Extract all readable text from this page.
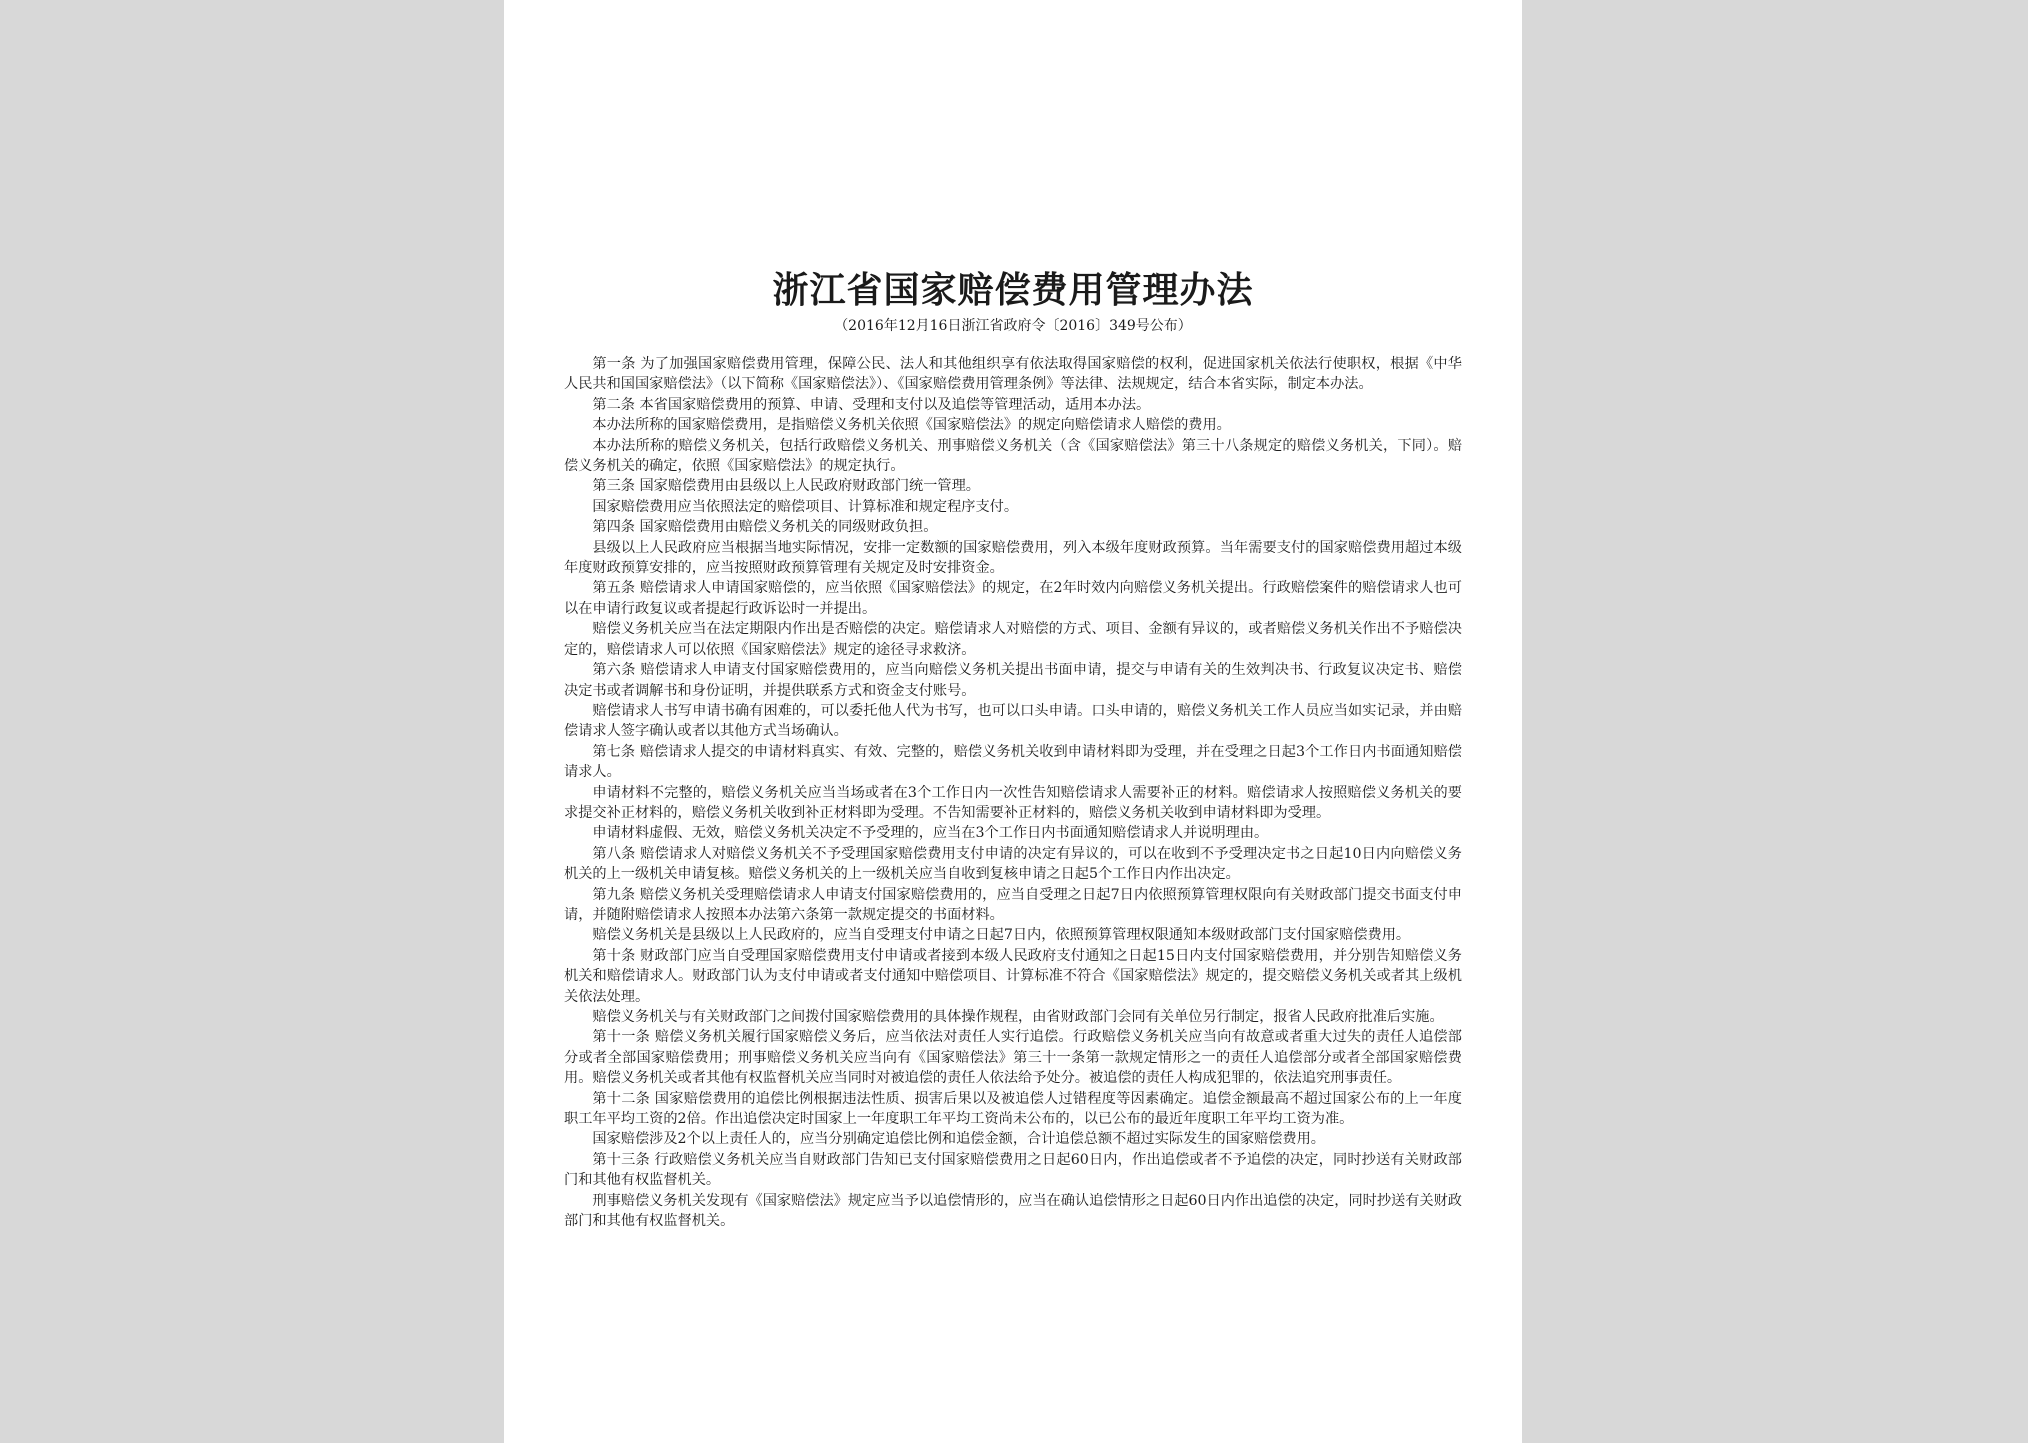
浙江省国家赔偿费用管理办法
（2016年12月16日浙江省政府令〔2016〕349号公布）

第一条 为了加强国家赔偿费用管理，保障公民、法人和其他组织享有依法取得国家赔偿的权利，促进国家机关依法行使职权，根据《中华人民共和国国家赔偿法》（以下简称《国家赔偿法》）、《国家赔偿费用管理条例》等法律、法规规定，结合本省实际，制定本办法。

第二条 本省国家赔偿费用的预算、申请、受理和支付以及追偿等管理活动，适用本办法。

本办法所称的国家赔偿费用，是指赔偿义务机关依照《国家赔偿法》的规定向赔偿请求人赔偿的费用。

本办法所称的赔偿义务机关，包括行政赔偿义务机关、刑事赔偿义务机关（含《国家赔偿法》第三十八条规定的赔偿义务机关，下同）。赔偿义务机关的确定，依照《国家赔偿法》的规定执行。

第三条 国家赔偿费用由县级以上人民政府财政部门统一管理。

国家赔偿费用应当依照法定的赔偿项目、计算标准和规定程序支付。

第四条 国家赔偿费用由赔偿义务机关的同级财政负担。

县级以上人民政府应当根据当地实际情况，安排一定数额的国家赔偿费用，列入本级年度财政预算。当年需要支付的国家赔偿费用超过本级年度财政预算安排的，应当按照财政预算管理有关规定及时安排资金。

第五条 赔偿请求人申请国家赔偿的，应当依照《国家赔偿法》的规定，在2年时效内向赔偿义务机关提出。行政赔偿案件的赔偿请求人也可以在申请行政复议或者提起行政诉讼时一并提出。

赔偿义务机关应当在法定期限内作出是否赔偿的决定。赔偿请求人对赔偿的方式、项目、金额有异议的，或者赔偿义务机关作出不予赔偿决定的，赔偿请求人可以依照《国家赔偿法》规定的途径寻求救济。

第六条 赔偿请求人申请支付国家赔偿费用的，应当向赔偿义务机关提出书面申请，提交与申请有关的生效判决书、行政复议决定书、赔偿决定书或者调解书和身份证明，并提供联系方式和资金支付账号。

赔偿请求人书写申请书确有困难的，可以委托他人代为书写，也可以口头申请。口头申请的，赔偿义务机关工作人员应当如实记录，并由赔偿请求人签字确认或者以其他方式当场确认。

第七条 赔偿请求人提交的申请材料真实、有效、完整的，赔偿义务机关收到申请材料即为受理，并在受理之日起3个工作日内书面通知赔偿请求人。

申请材料不完整的，赔偿义务机关应当当场或者在3个工作日内一次性告知赔偿请求人需要补正的材料。赔偿请求人按照赔偿义务机关的要求提交补正材料的，赔偿义务机关收到补正材料即为受理。不告知需要补正材料的，赔偿义务机关收到申请材料即为受理。

申请材料虚假、无效，赔偿义务机关决定不予受理的，应当在3个工作日内书面通知赔偿请求人并说明理由。

第八条 赔偿请求人对赔偿义务机关不予受理国家赔偿费用支付申请的决定有异议的，可以在收到不予受理决定书之日起10日内向赔偿义务机关的上一级机关申请复核。赔偿义务机关的上一级机关应当自收到复核申请之日起5个工作日内作出决定。

第九条 赔偿义务机关受理赔偿请求人申请支付国家赔偿费用的，应当自受理之日起7日内依照预算管理权限向有关财政部门提交书面支付申请，并随附赔偿请求人按照本办法第六条第一款规定提交的书面材料。

赔偿义务机关是县级以上人民政府的，应当自受理支付申请之日起7日内，依照预算管理权限通知本级财政部门支付国家赔偿费用。

第十条 财政部门应当自受理国家赔偿费用支付申请或者接到本级人民政府支付通知之日起15日内支付国家赔偿费用，并分别告知赔偿义务机关和赔偿请求人。财政部门认为支付申请或者支付通知中赔偿项目、计算标准不符合《国家赔偿法》规定的，提交赔偿义务机关或者其上级机关依法处理。

赔偿义务机关与有关财政部门之间拨付国家赔偿费用的具体操作规程，由省财政部门会同有关单位另行制定，报省人民政府批准后实施。

第十一条 赔偿义务机关履行国家赔偿义务后，应当依法对责任人实行追偿。行政赔偿义务机关应当向有故意或者重大过失的责任人追偿部分或者全部国家赔偿费用；刑事赔偿义务机关应当向有《国家赔偿法》第三十一条第一款规定情形之一的责任人追偿部分或者全部国家赔偿费用。赔偿义务机关或者其他有权监督机关应当同时对被追偿的责任人依法给予处分。被追偿的责任人构成犯罪的，依法追究刑事责任。

第十二条 国家赔偿费用的追偿比例根据违法性质、损害后果以及被追偿人过错程度等因素确定。追偿金额最高不超过国家公布的上一年度职工年平均工资的2倍。作出追偿决定时国家上一年度职工年平均工资尚未公布的，以已公布的最近年度职工年平均工资为准。

国家赔偿涉及2个以上责任人的，应当分别确定追偿比例和追偿金额，合计追偿总额不超过实际发生的国家赔偿费用。

第十三条 行政赔偿义务机关应当自财政部门告知已支付国家赔偿费用之日起60日内，作出追偿或者不予追偿的决定，同时抄送有关财政部门和其他有权监督机关。

刑事赔偿义务机关发现有《国家赔偿法》规定应当予以追偿情形的，应当在确认追偿情形之日起60日内作出追偿的决定，同时抄送有关财政部门和其他有权监督机关。
